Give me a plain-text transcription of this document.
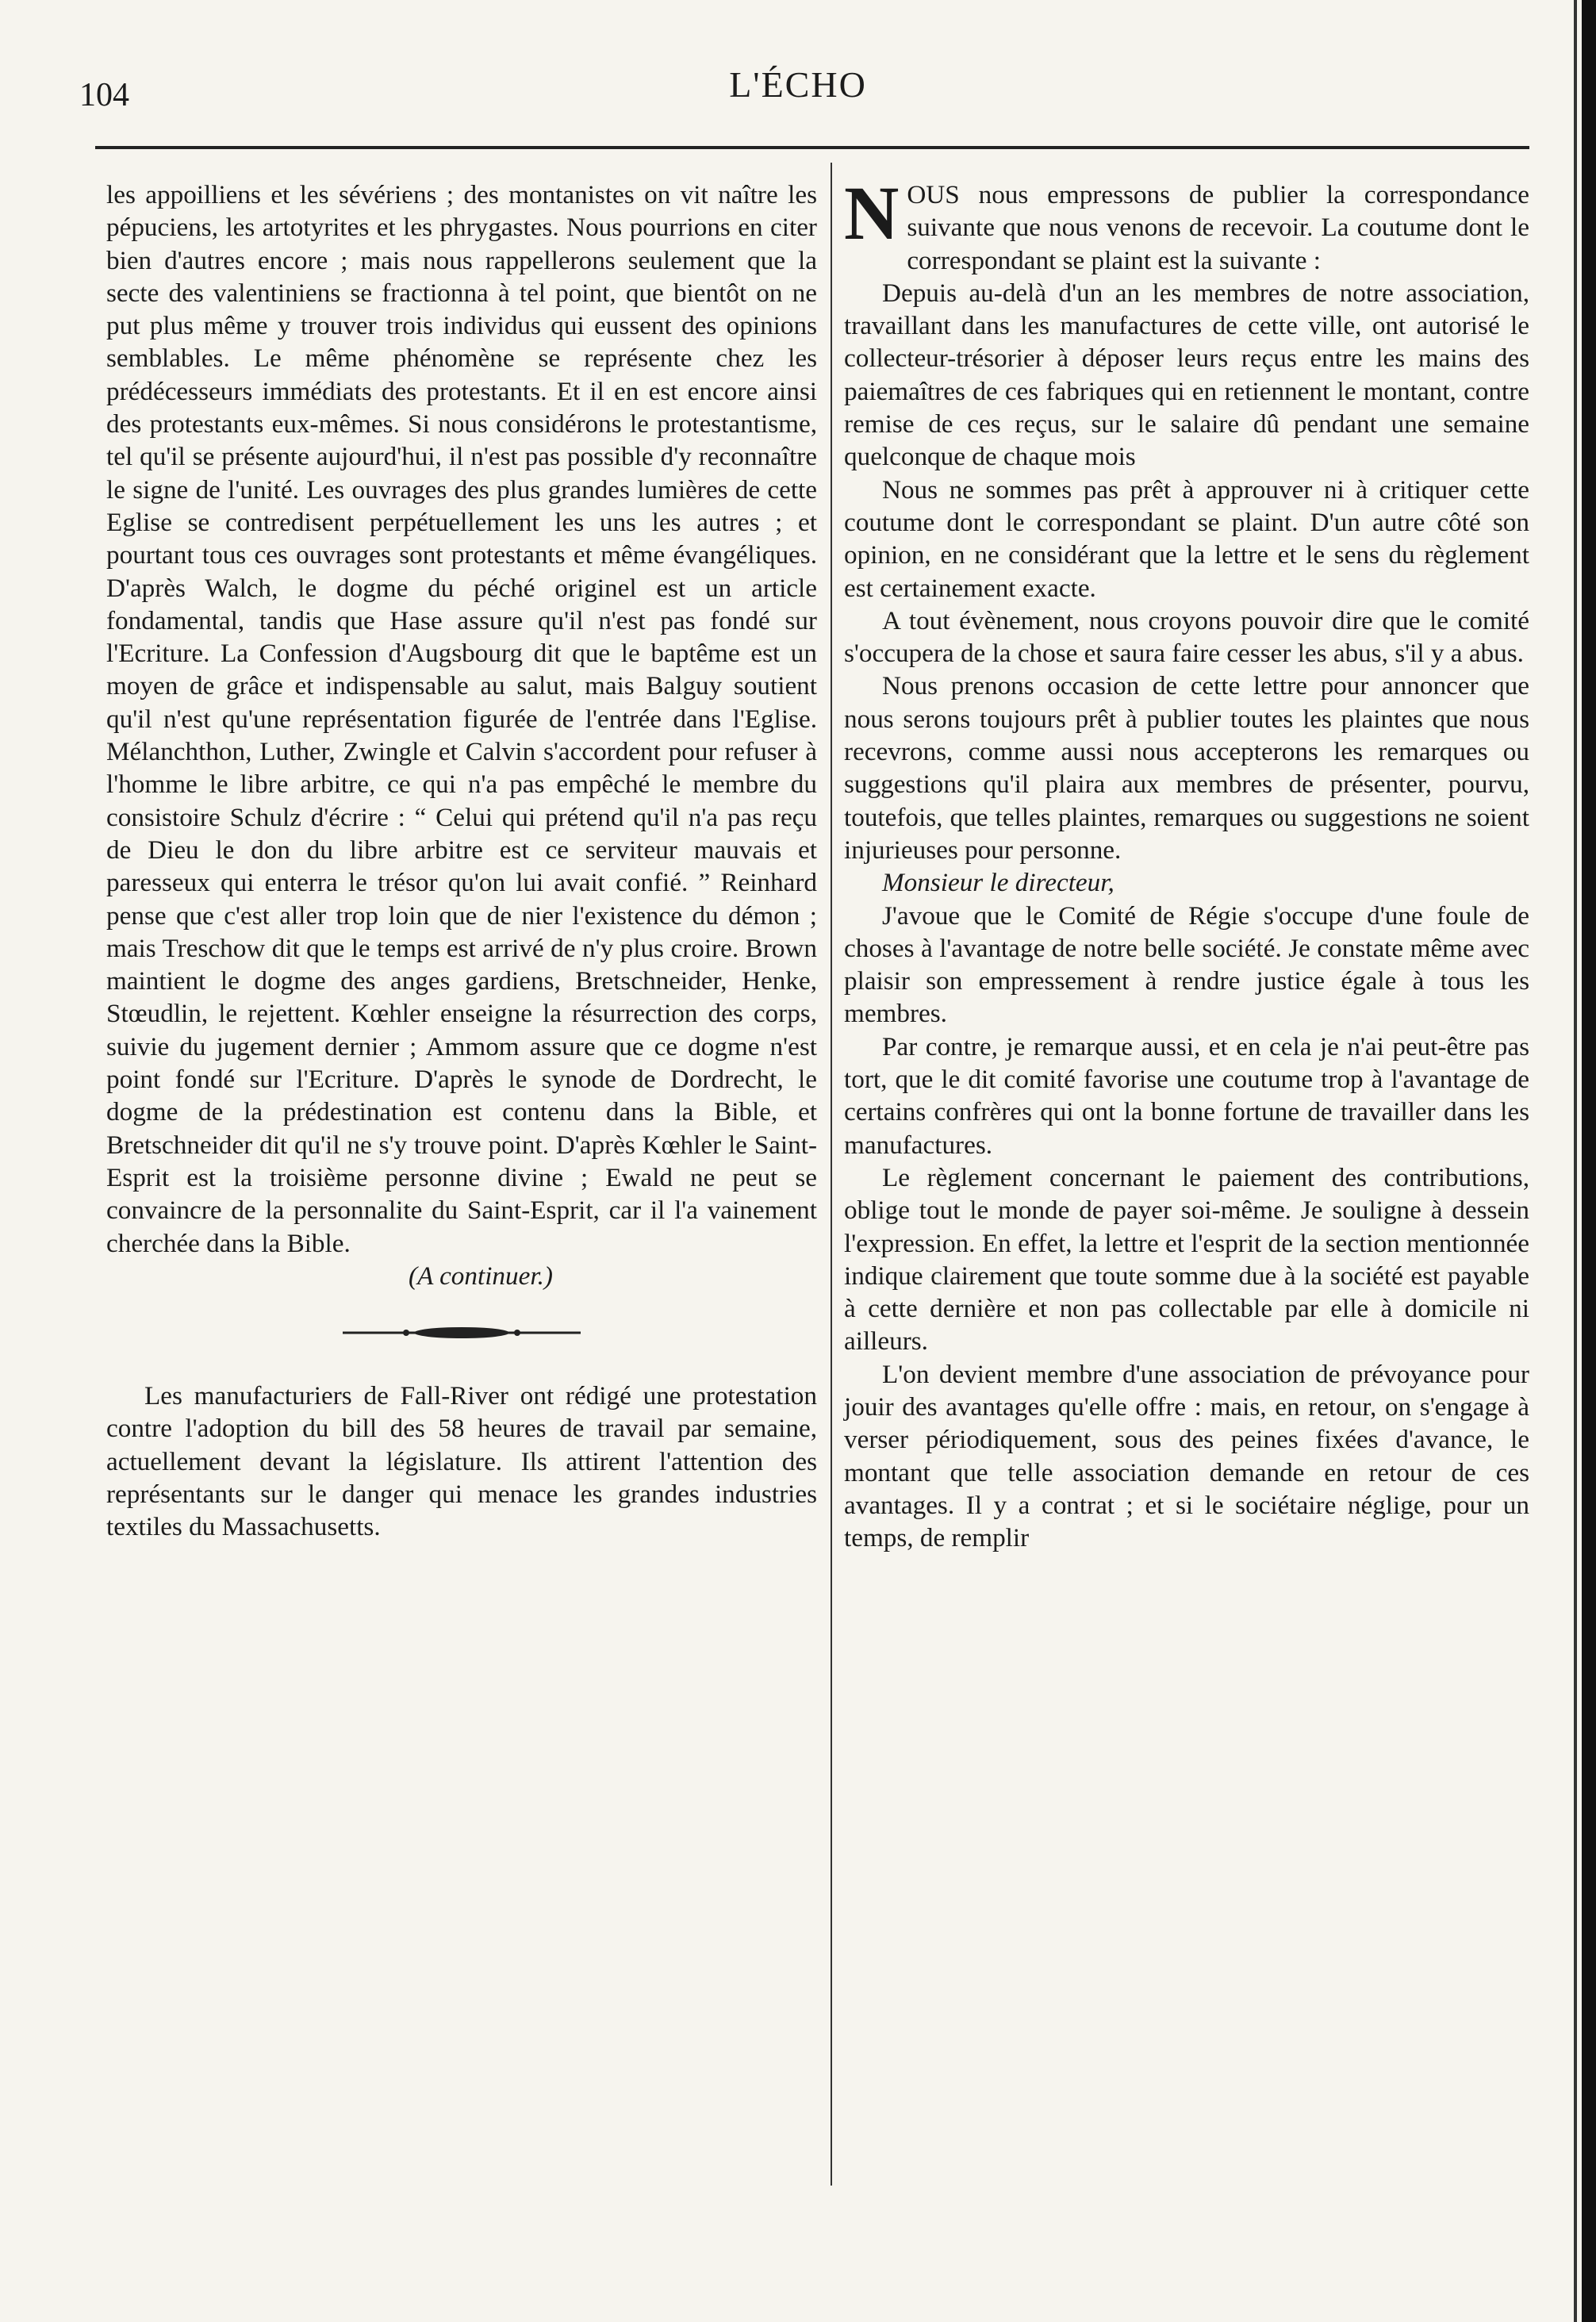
104	L'ÉCHO

les appoilliens et les sévériens ; des montanistes on vit naître les pépuciens, les artotyrites et les phrygastes. Nous pourrions en citer bien d'autres encore ; mais nous rappellerons seulement que la secte des valentiniens se fractionna à tel point, que bientôt on ne put plus même y trouver trois individus qui eussent des opinions semblables. Le même phénomène se représente chez les prédécesseurs immédiats des protestants. Et il en est encore ainsi des protestants eux-mêmes. Si nous considérons le protestantisme, tel qu'il se présente aujourd'hui, il n'est pas possible d'y reconnaître le signe de l'unité. Les ouvrages des plus grandes lumières de cette Eglise se contredisent perpétuellement les uns les autres ; et pourtant tous ces ouvrages sont protestants et même évangéliques. D'après Walch, le dogme du péché originel est un article fondamental, tandis que Hase assure qu'il n'est pas fondé sur l'Ecriture. La Confession d'Augsbourg dit que le baptême est un moyen de grâce et indispensable au salut, mais Balguy soutient qu'il n'est qu'une représentation figurée de l'entrée dans l'Eglise. Mélanchthon, Luther, Zwingle et Calvin s'accordent pour refuser à l'homme le libre arbitre, ce qui n'a pas empêché le membre du consistoire Schulz d'écrire : “ Celui qui prétend qu'il n'a pas reçu de Dieu le don du libre arbitre est ce serviteur mauvais et paresseux qui enterra le trésor qu'on lui avait confié. ” Reinhard pense que c'est aller trop loin que de nier l'existence du démon ; mais Treschow dit que le temps est arrivé de n'y plus croire. Brown maintient le dogme des anges gardiens, Bretschneider, Henke, Stœudlin, le rejettent. Kœhler enseigne la résurrection des corps, suivie du jugement dernier ; Ammom assure que ce dogme n'est point fondé sur l'Ecriture. D'après le synode de Dordrecht, le dogme de la prédestination est contenu dans la Bible, et Bretschneider dit qu'il ne s'y trouve point. D'après Kœhler le Saint-Esprit est la troisième personne divine ; Ewald ne peut se convaincre de la personnalite du Saint-Esprit, car il l'a vainement cherchée dans la Bible.

(A continuer.)

Les manufacturiers de Fall-River ont rédigé une protestation contre l'adoption du bill des 58 heures de travail par semaine, actuellement devant la législature. Ils attirent l'attention des représentants sur le danger qui menace les grandes industries textiles du Massachusetts.

NOUS nous empressons de publier la correspondance suivante que nous venons de recevoir. La coutume dont le correspondant se plaint est la suivante :

Depuis au-delà d'un an les membres de notre association, travaillant dans les manufactures de cette ville, ont autorisé le collecteur-trésorier à déposer leurs reçus entre les mains des paiemaîtres de ces fabriques qui en retiennent le montant, contre remise de ces reçus, sur le salaire dû pendant une semaine quelconque de chaque mois

Nous ne sommes pas prêt à approuver ni à critiquer cette coutume dont le correspondant se plaint. D'un autre côté son opinion, en ne considérant que la lettre et le sens du règlement est certainement exacte.

A tout évènement, nous croyons pouvoir dire que le comité s'occupera de la chose et saura faire cesser les abus, s'il y a abus.

Nous prenons occasion de cette lettre pour annoncer que nous serons toujours prêt à publier toutes les plaintes que nous recevrons, comme aussi nous accepterons les remarques ou suggestions qu'il plaira aux membres de présenter, pourvu, toutefois, que telles plaintes, remarques ou suggestions ne soient injurieuses pour personne.

Monsieur le directeur,

J'avoue que le Comité de Régie s'occupe d'une foule de choses à l'avantage de notre belle société. Je constate même avec plaisir son empressement à rendre justice égale à tous les membres.

Par contre, je remarque aussi, et en cela je n'ai peut-être pas tort, que le dit comité favorise une coutume trop à l'avantage de certains confrères qui ont la bonne fortune de travailler dans les manufactures.

Le règlement concernant le paiement des contributions, oblige tout le monde de payer soi-même. Je souligne à dessein l'expression. En effet, la lettre et l'esprit de la section mentionnée indique clairement que toute somme due à la société est payable à cette dernière et non pas collectable par elle à domicile ni ailleurs.

L'on devient membre d'une association de prévoyance pour jouir des avantages qu'elle offre : mais, en retour, on s'engage à verser périodiquement, sous des peines fixées d'avance, le montant que telle association demande en retour de ces avantages. Il y a contrat ; et si le sociétaire néglige, pour un temps, de remplir
